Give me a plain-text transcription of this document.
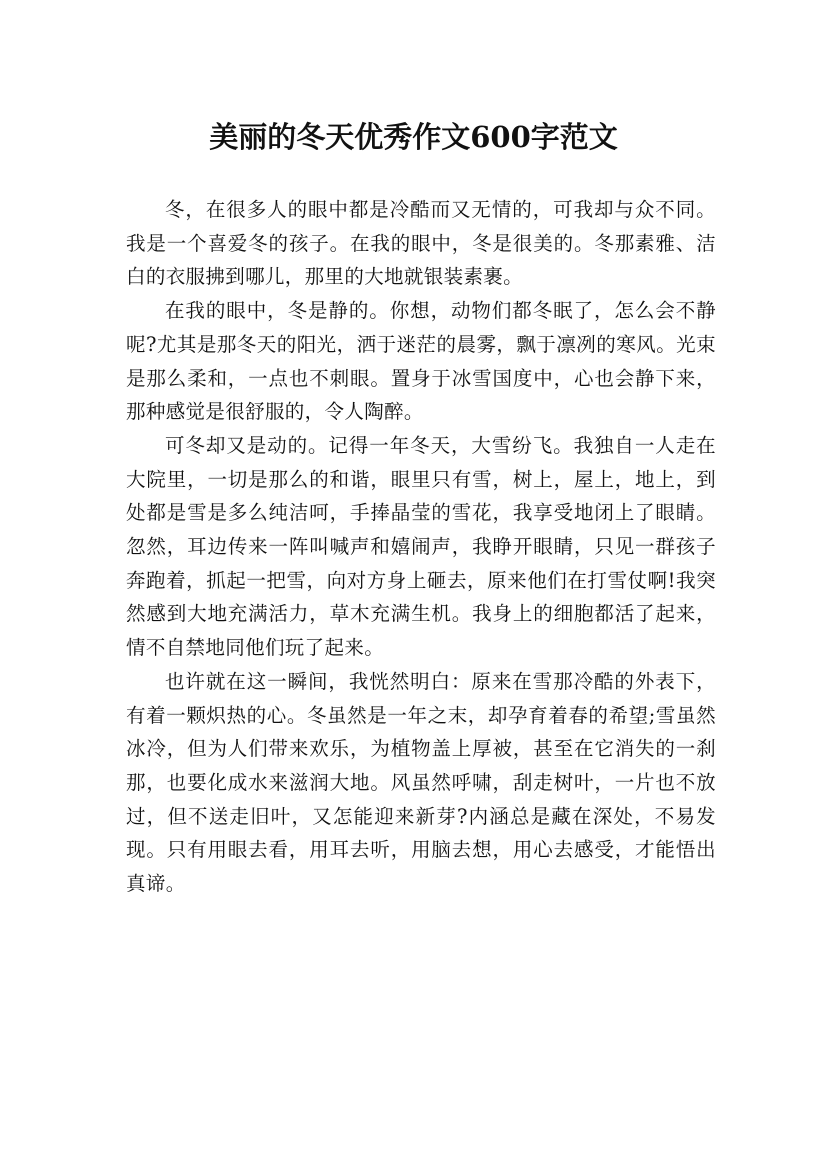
美丽的冬天优秀作文600字范文

冬，在很多人的眼中都是冷酷而又无情的，可我却与众不同。我是一个喜爱冬的孩子。在我的眼中，冬是很美的。冬那素雅、洁白的衣服拂到哪儿，那里的大地就银装素裹。

在我的眼中，冬是静的。你想，动物们都冬眠了，怎么会不静呢?尤其是那冬天的阳光，洒于迷茫的晨雾，飘于凛冽的寒风。光束是那么柔和，一点也不刺眼。置身于冰雪国度中，心也会静下来，那种感觉是很舒服的，令人陶醉。

可冬却又是动的。记得一年冬天，大雪纷飞。我独自一人走在大院里，一切是那么的和谐，眼里只有雪，树上，屋上，地上，到处都是雪是多么纯洁呵，手捧晶莹的雪花，我享受地闭上了眼睛。忽然，耳边传来一阵叫喊声和嬉闹声，我睁开眼睛，只见一群孩子奔跑着，抓起一把雪，向对方身上砸去，原来他们在打雪仗啊!我突然感到大地充满活力，草木充满生机。我身上的细胞都活了起来，情不自禁地同他们玩了起来。

也许就在这一瞬间，我恍然明白：原来在雪那冷酷的外表下，有着一颗炽热的心。冬虽然是一年之末，却孕育着春的希望;雪虽然冰冷，但为人们带来欢乐，为植物盖上厚被，甚至在它消失的一刹那，也要化成水来滋润大地。风虽然呼啸，刮走树叶，一片也不放过，但不送走旧叶，又怎能迎来新芽?内涵总是藏在深处，不易发现。只有用眼去看，用耳去听，用脑去想，用心去感受，才能悟出真谛。
